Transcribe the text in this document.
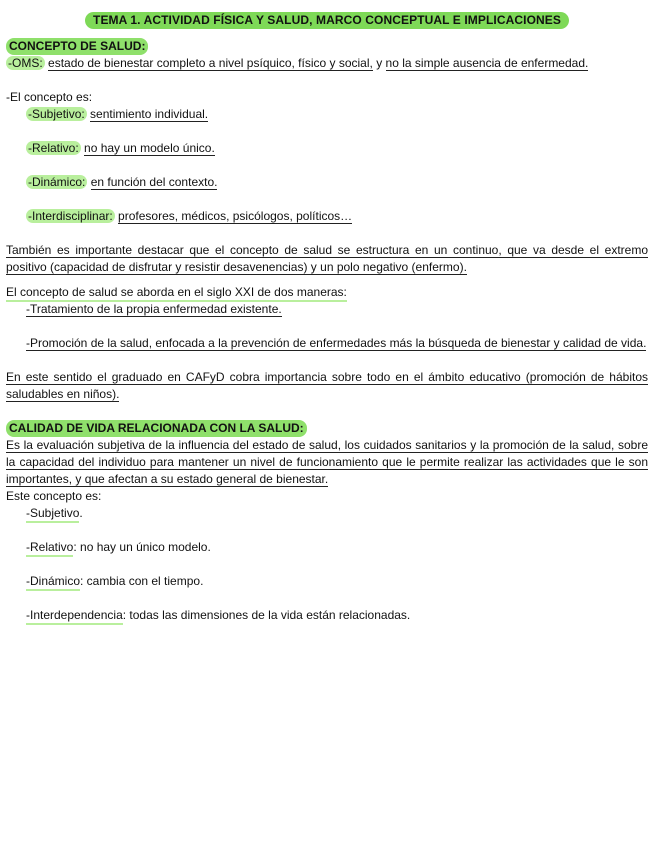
TEMA 1. ACTIVIDAD FÍSICA Y SALUD, MARCO CONCEPTUAL E IMPLICACIONES
CONCEPTO DE SALUD:

-OMS: estado de bienestar completo a nivel psíquico, físico y social, y no la simple ausencia de enfermedad.

-El concepto es:

-Subjetivo: sentimiento individual.

-Relativo: no hay un modelo único.

-Dinámico: en función del contexto.

-Interdisciplinar: profesores, médicos, psicólogos, políticos…

También es importante destacar que el concepto de salud se estructura en un continuo, que va desde el extremo positivo (capacidad de disfrutar y resistir desavenencias) y un polo negativo (enfermo).

El concepto de salud se aborda en el siglo XXI de dos maneras:

-Tratamiento de la propia enfermedad existente.

-Promoción de la salud, enfocada a la prevención de enfermedades más la búsqueda de bienestar y calidad de vida.

En este sentido el graduado en CAFyD cobra importancia sobre todo en el ámbito educativo (promoción de hábitos saludables en niños).

CALIDAD DE VIDA RELACIONADA CON LA SALUD:

Es la evaluación subjetiva de la influencia del estado de salud, los cuidados sanitarios y la promoción de la salud, sobre la capacidad del individuo para mantener un nivel de funcionamiento que le permite realizar las actividades que le son importantes, y que afectan a su estado general de bienestar.

Este concepto es:

-Subjetivo.

-Relativo: no hay un único modelo.

-Dinámico: cambia con el tiempo.

-Interdependencia: todas las dimensiones de la vida están relacionadas.
